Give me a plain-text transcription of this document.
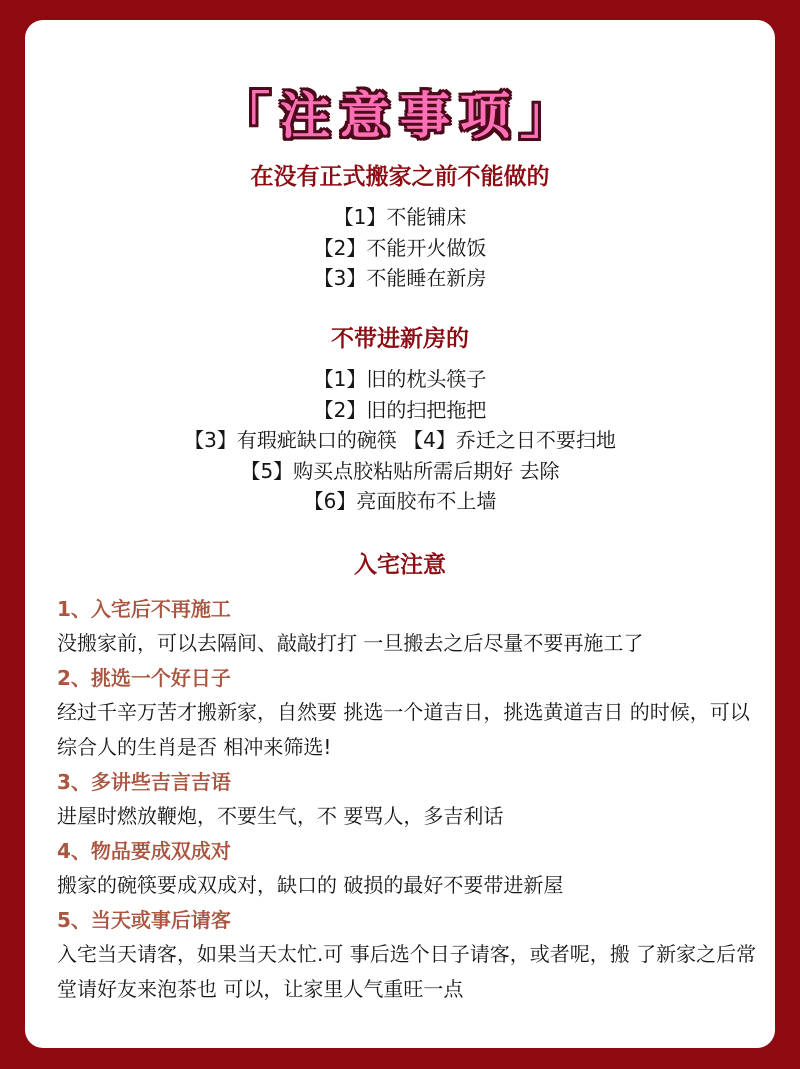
「注意事项」
在没有正式搬家之前不能做的
【1】不能铺床
【2】不能开火做饭
【3】不能睡在新房
不带进新房的
【1】旧的枕头筷子
【2】旧的扫把拖把
【3】有瑕疵缺口的碗筷 【4】乔迁之日不要扫地
【5】购买点胶粘贴所需后期好 去除
【6】亮面胶布不上墙
入宅注意

1、入宅后不再施工

没搬家前，可以去隔间、敲敲打打 一旦搬去之后尽量不要再施工了

2、挑选一个好日子

经过千辛万苦才搬新家，自然要 挑选一个道吉日，挑选黄道吉日 的时候，可以综合人的生肖是否 相冲来筛选!

3、多讲些吉言吉语

进屋时燃放鞭炮，不要生气，不 要骂人，多吉利话

4、物品要成双成对

搬家的碗筷要成双成对，缺口的 破损的最好不要带进新屋

5、当天或事后请客

入宅当天请客，如果当天太忙.可 事后选个日子请客，或者呢，搬 了新家之后常堂请好友来泡茶也 可以，让家里人气重旺一点
